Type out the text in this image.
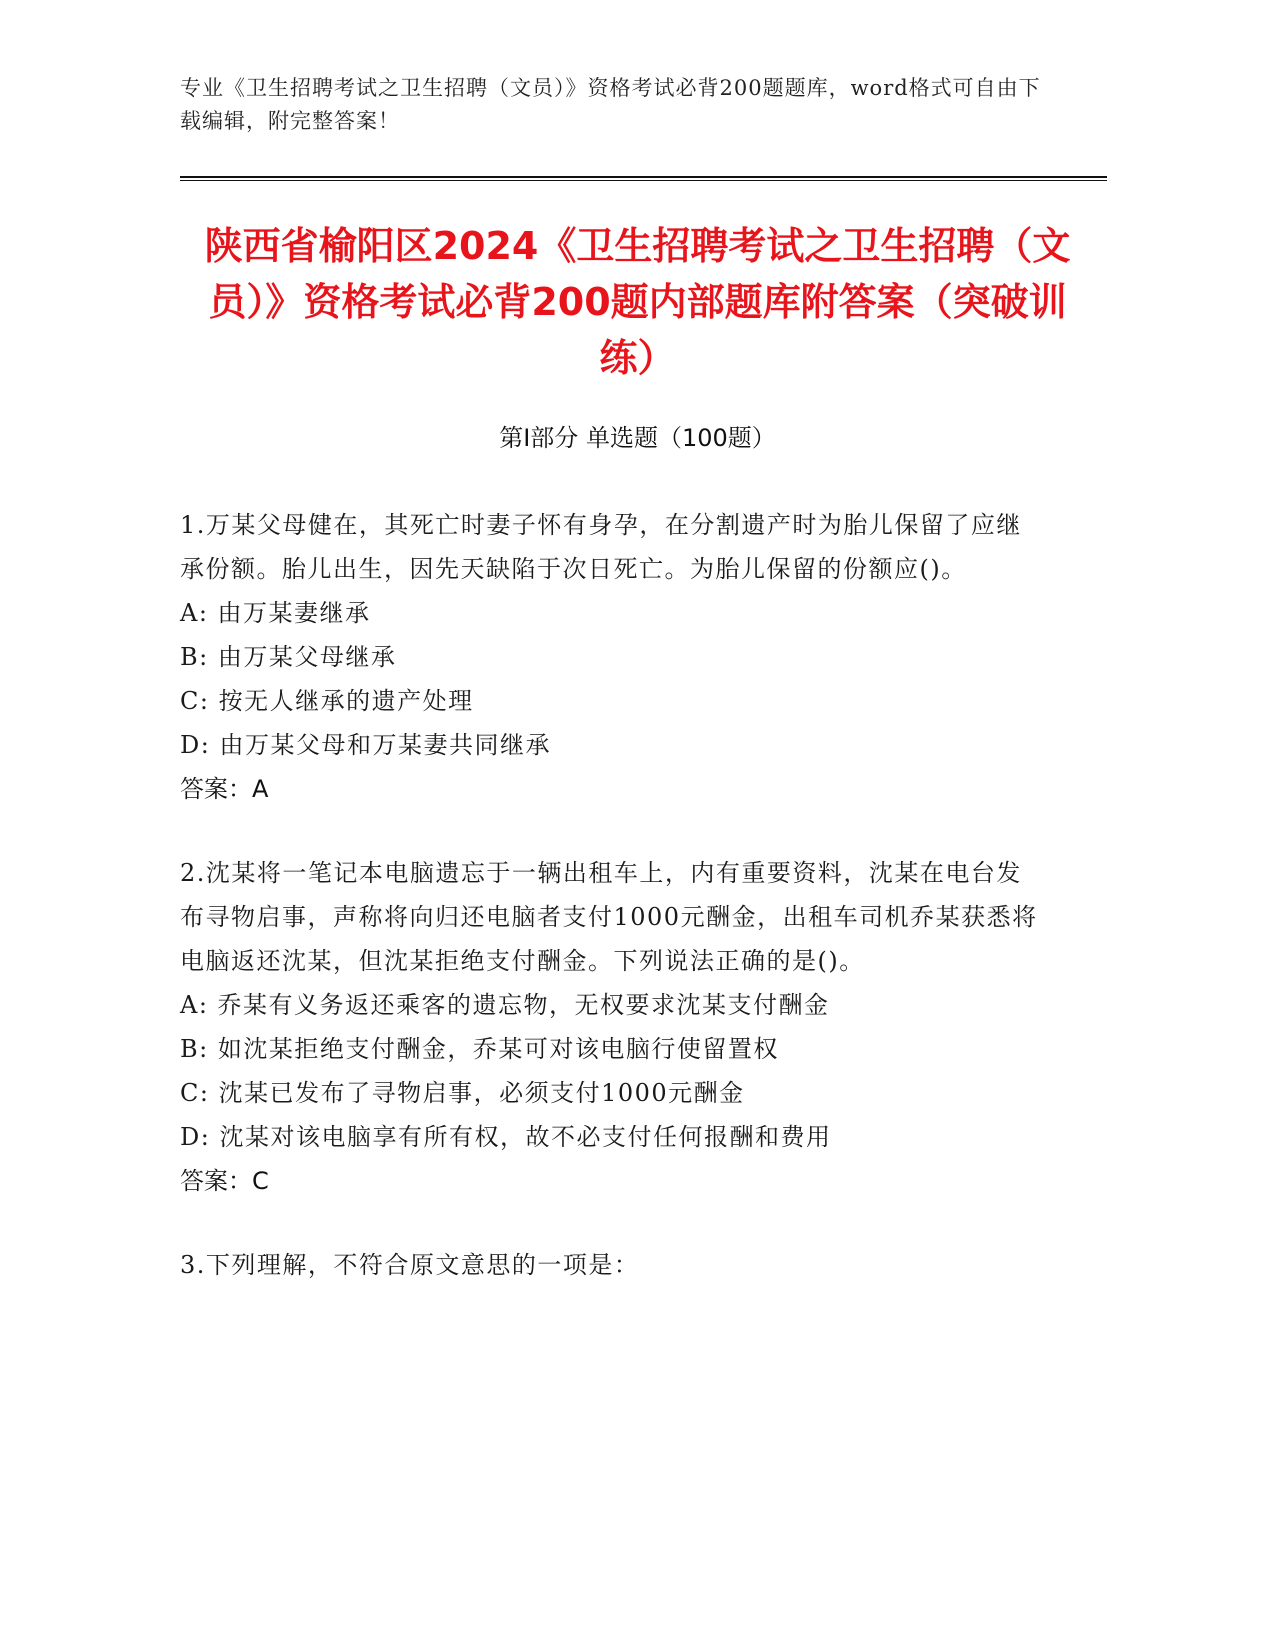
专业《卫生招聘考试之卫生招聘（文员）》资格考试必背200题题库，word格式可自由下载编辑，附完整答案！
陕西省榆阳区2024《卫生招聘考试之卫生招聘（文员）》资格考试必背200题内部题库附答案（突破训练）
第Ⅰ部分 单选题（100题）

1.万某父母健在，其死亡时妻子怀有身孕，在分割遗产时为胎儿保留了应继承份额。胎儿出生，因先天缺陷于次日死亡。为胎儿保留的份额应()。

A: 由万某妻继承

B: 由万某父母继承

C: 按无人继承的遗产处理

D: 由万某父母和万某妻共同继承

答案：A

2.沈某将一笔记本电脑遗忘于一辆出租车上，内有重要资料，沈某在电台发布寻物启事，声称将向归还电脑者支付1000元酬金，出租车司机乔某获悉将电脑返还沈某，但沈某拒绝支付酬金。下列说法正确的是()。

A: 乔某有义务返还乘客的遗忘物，无权要求沈某支付酬金

B: 如沈某拒绝支付酬金，乔某可对该电脑行使留置权

C: 沈某已发布了寻物启事，必须支付1000元酬金

D: 沈某对该电脑享有所有权，故不必支付任何报酬和费用

答案：C

3.下列理解，不符合原文意思的一项是：
